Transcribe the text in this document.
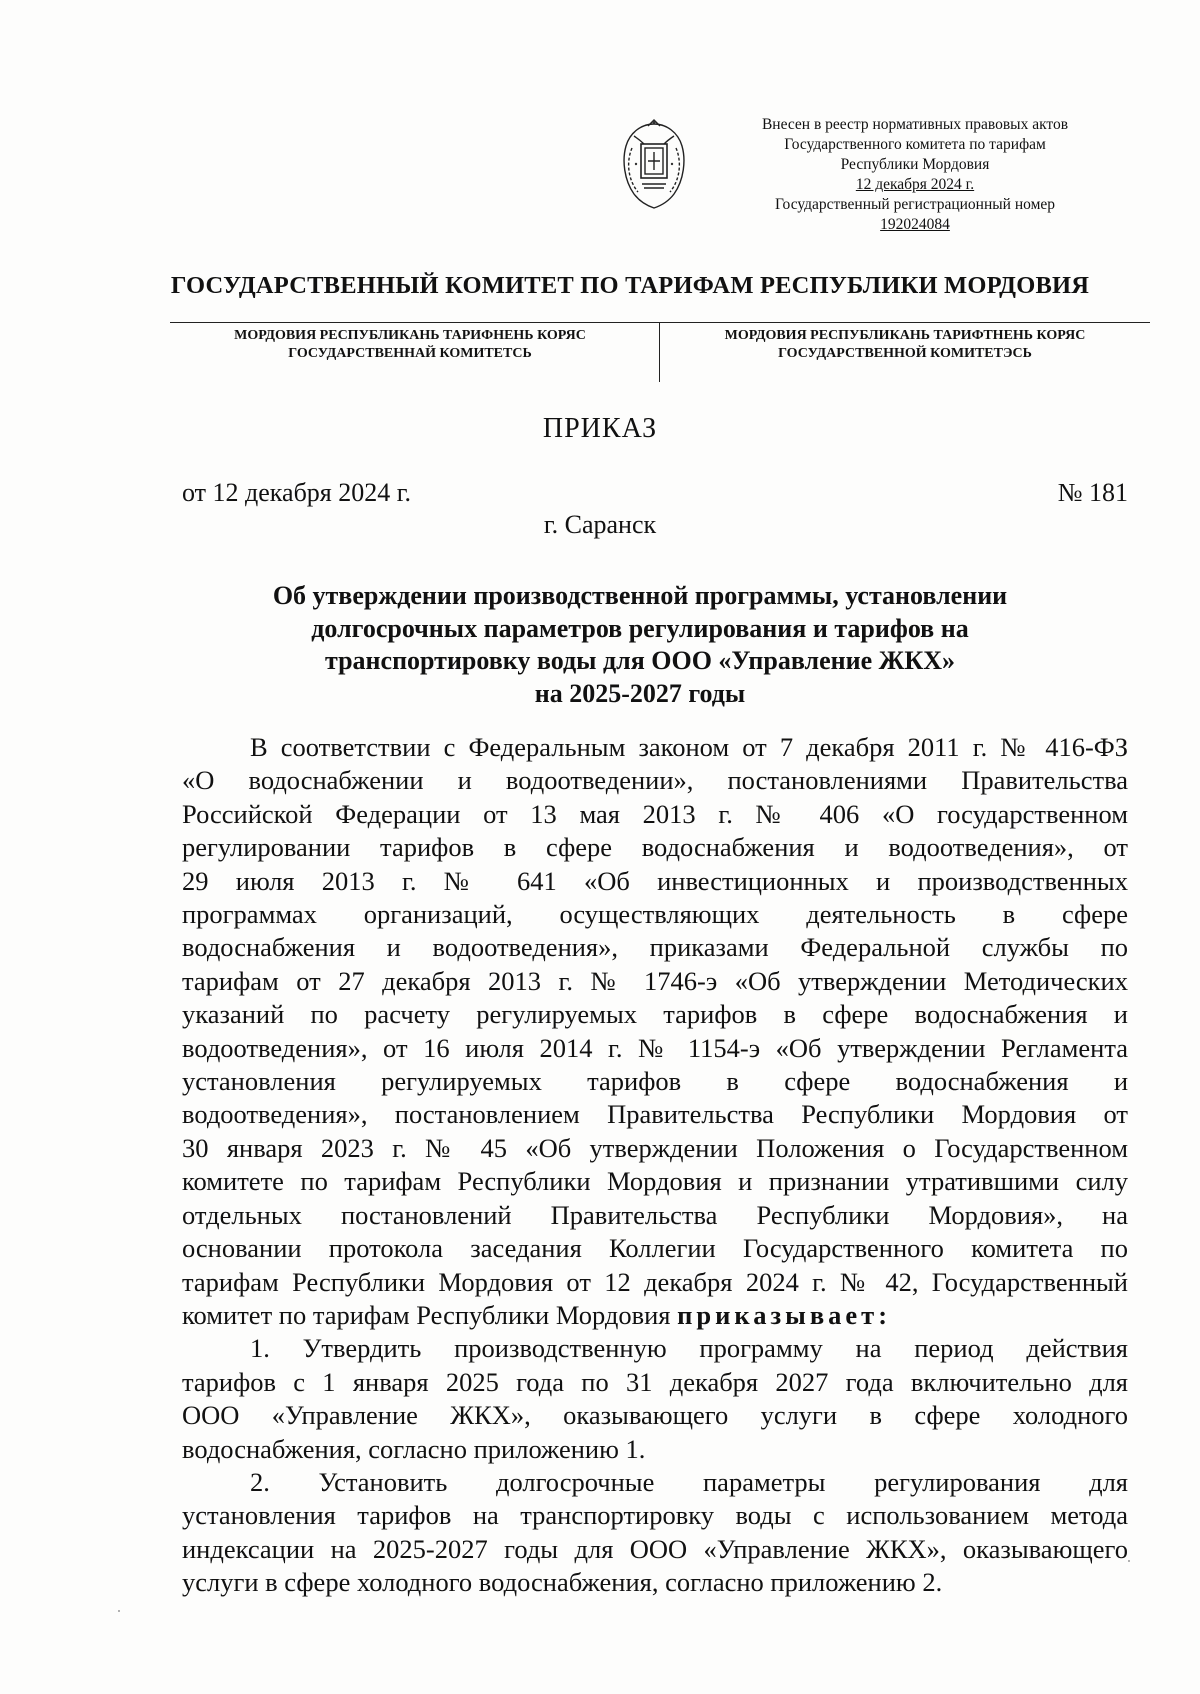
Внесен в реестр нормативных правовых актов
Государственного комитета по тарифам
Республики Мордовия
12 декабря 2024 г.
Государственный регистрационный номер
192024084
ГОСУДАРСТВЕННЫЙ КОМИТЕТ ПО ТАРИФАМ РЕСПУБЛИКИ МОРДОВИЯ
МОРДОВИЯ РЕСПУБЛИКАНЬ ТАРИФНЕНЬ КОРЯС
ГОСУДАРСТВЕННАЙ КОМИТЕТСЬ
МОРДОВИЯ РЕСПУБЛИКАНЬ ТАРИФТНЕНЬ КОРЯС
ГОСУДАРСТВЕННОЙ КОМИТЕТЭСЬ
ПРИКАЗ
от 12 декабря 2024 г.	№ 181
г. Саранск
Об утверждении производственной программы, установлении
долгосрочных параметров регулирования и тарифов на
транспортировку воды для ООО «Управление ЖКХ»
на 2025-2027 годы
В соответствии с Федеральным законом от 7 декабря 2011 г. № 416-ФЗ
«О водоснабжении и водоотведении», постановлениями Правительства
Российской Федерации от 13 мая 2013 г. № 406 «О государственном
регулировании тарифов в сфере водоснабжения и водоотведения», от
29 июля 2013 г. № 641 «Об инвестиционных и производственных
программах организаций, осуществляющих деятельность в сфере
водоснабжения и водоотведения», приказами Федеральной службы по
тарифам от 27 декабря 2013 г. № 1746-э «Об утверждении Методических
указаний по расчету регулируемых тарифов в сфере водоснабжения и
водоотведения», от 16 июля 2014 г. № 1154-э «Об утверждении Регламента
установления регулируемых тарифов в сфере водоснабжения и
водоотведения», постановлением Правительства Республики Мордовия от
30 января 2023 г. № 45 «Об утверждении Положения о Государственном
комитете по тарифам Республики Мордовия и признании утратившими силу
отдельных постановлений Правительства Республики Мордовия», на
основании протокола заседания Коллегии Государственного комитета по
тарифам Республики Мордовия от 12 декабря 2024 г. № 42, Государственный
комитет по тарифам Республики Мордовия приказывает:
1. Утвердить производственную программу на период действия
тарифов с 1 января 2025 года по 31 декабря 2027 года включительно для
ООО «Управление ЖКХ», оказывающего услуги в сфере холодного
водоснабжения, согласно приложению 1.
2. Установить долгосрочные параметры регулирования для
установления тарифов на транспортировку воды с использованием метода
индексации на 2025-2027 годы для ООО «Управление ЖКХ», оказывающего
услуги в сфере холодного водоснабжения, согласно приложению 2.
